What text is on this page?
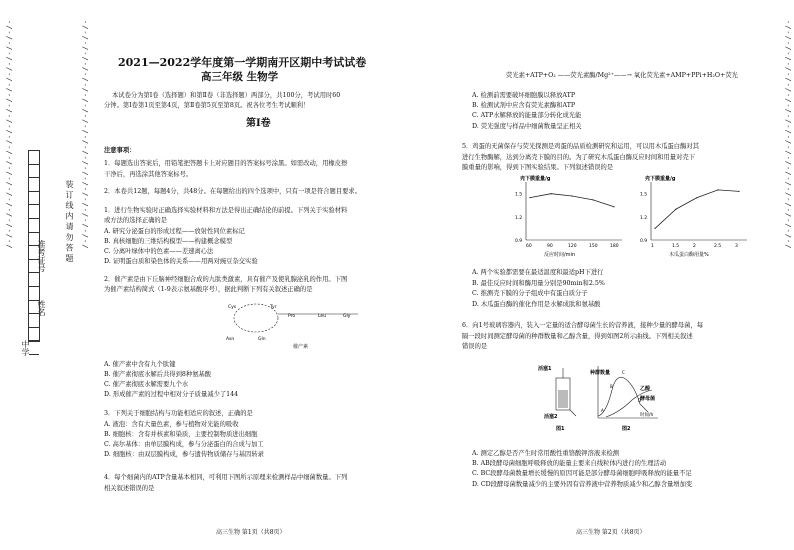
-/-/-/-/-/-/-/-/-/-/-/-/-/-/-/-/-/-/-/-/-/-/
中学
姓名
准考证号 装 订 线 内 请 勿 答 题 -/-/-/-/-/-/-/-/-/-/-/-/-/-/-/-/-/-/-/-/-/-/	2021—2022学年度第一学期南开区期中考试试卷
高三年级 生物学
本试卷分为第Ⅰ卷（选择题）和第Ⅱ卷（非选择题）两部分，共100分，考试用时60
分钟。第Ⅰ卷第1页至第4页，第Ⅱ卷第5页至第8页。祝各位考生考试顺利！
第Ⅰ卷
注意事项：
1．每题选出答案后，用铅笔把答题卡上对应题目的答案标号涂黑。如需改动，用橡皮擦
干净后，再选涂其他答案标号。
2．本卷共12题，每题4分，共48分。在每题给出的四个选项中，只有一项是符合题目要求。
1．进行生物实验时正确选择实验材料和方法是得出正确结论的前提。下列关于实验材料
或方法的选择正确的是
A. 研究分泌蛋白的形成过程——放射性同位素标记
B. 真核细胞的三维结构模型——构建概念模型
C. 分离叶绿体中的色素——差速离心法
D. 证明蛋白质和染色体的关系——用两对豌豆杂交实验
2．催产素是由下丘脑神经细胞合成的九肽类激素，具有催产及使乳腺泌乳的作用。下图
为催产素结构简式（1-9表示氨基酸序号），据此判断下列有关叙述正确的是
Cys	Tyr
Pro	Leu	Gly
Asn	Gln
催产素
A. 催产素中含有九个肽键
B. 催产素彻底水解后共得到8种氨基酸
C. 催产素彻底水解需要九个水
D. 形成催产素的过程中相对分子质量减少了144
3．下列关于细胞结构与功能相适应的叙述，正确的是
A. 液泡：含有大量色素，参与植物对光能的吸收
B. 细胞核：含有并核素和染质，主要控制物质进出细胞
C. 高尔基体：由单层膜构成，参与分泌蛋白的合成与加工
D. 细胞核：由双层膜构成，参与遗传物质储存与基因转录
4．每个细菌内的ATP含量基本相同，可利用下图所示原理来检测样品中细菌数量。下列
相关叙述错误的是
高三生物 第1页（共8页）
荧光素+ATP+O₂ ——荧光素酶/Mg²⁺——→ 氧化荧光素+AMP+PPi+H₂O+荧光
A. 检测前需要破坏细胞膜以释放ATP
B. 检测试剂中应含有荧光素酶和ATP
C. ATP水解释放的能量部分转化成光能
D. 荧光强度与样品中细菌数量呈正相关
5．鸡蛋的无菌保存与荧光探测是鸡蛋的品质检测研究和运用，可以用木瓜蛋白酶对其
进行生物酶解，达到分离壳下膜的目的。为了研究木瓜蛋白酶反应时间和用量对壳下
膜重量的影响，得到下图实验结果。下列叙述错误的是
壳下膜重量/g
1.5
1.2
0.9
60	90	120	150	180
反应时间/min
壳下膜重量/g
1.5
1.2
0.9
1	1.5	2	2.5	3
木瓜蛋白酶用量%
A. 两个实验都需要在最适温度和最适pH下进行
B. 最佳反应时间和酶用量分别是90min和2.5%
C. 推测壳下膜的分子组成中有蛋白质分子
D. 木瓜蛋白酶的催化作用是水解成肽和氨基酸
6．向1号玻璃容器内，装入一定量的适合酵母菌生长的营养液，接种少量的酵母菌，每
隔一段时间测定酵母菌的种群数量和乙醇含量，得到如图2所示曲线。下列相关叙述
错误的是
活塞1
活塞2
图1
种群数量
乙醇
酵母菌
时间/h
A
B
C
D
图2
A. 测定乙醇是否产生时常用酸性重铬酸钾溶液来检测
B. AB段酵母菌细胞呼吸释放的能量主要来自线粒体内进行的生理活动
C. BC段酵母菌数量增长缓慢的原因可能是部分酵母菌细胞呼吸释放的能量不足
D. CD段酵母菌数量减少的主要外因有营养液中营养物质减少和乙醇含量增加变
高三生物 第2页（共8页）
-/-/-/-/-/-/-/-/-/-/-/-/-/-/-/-/-/-/-/-/-/-/
